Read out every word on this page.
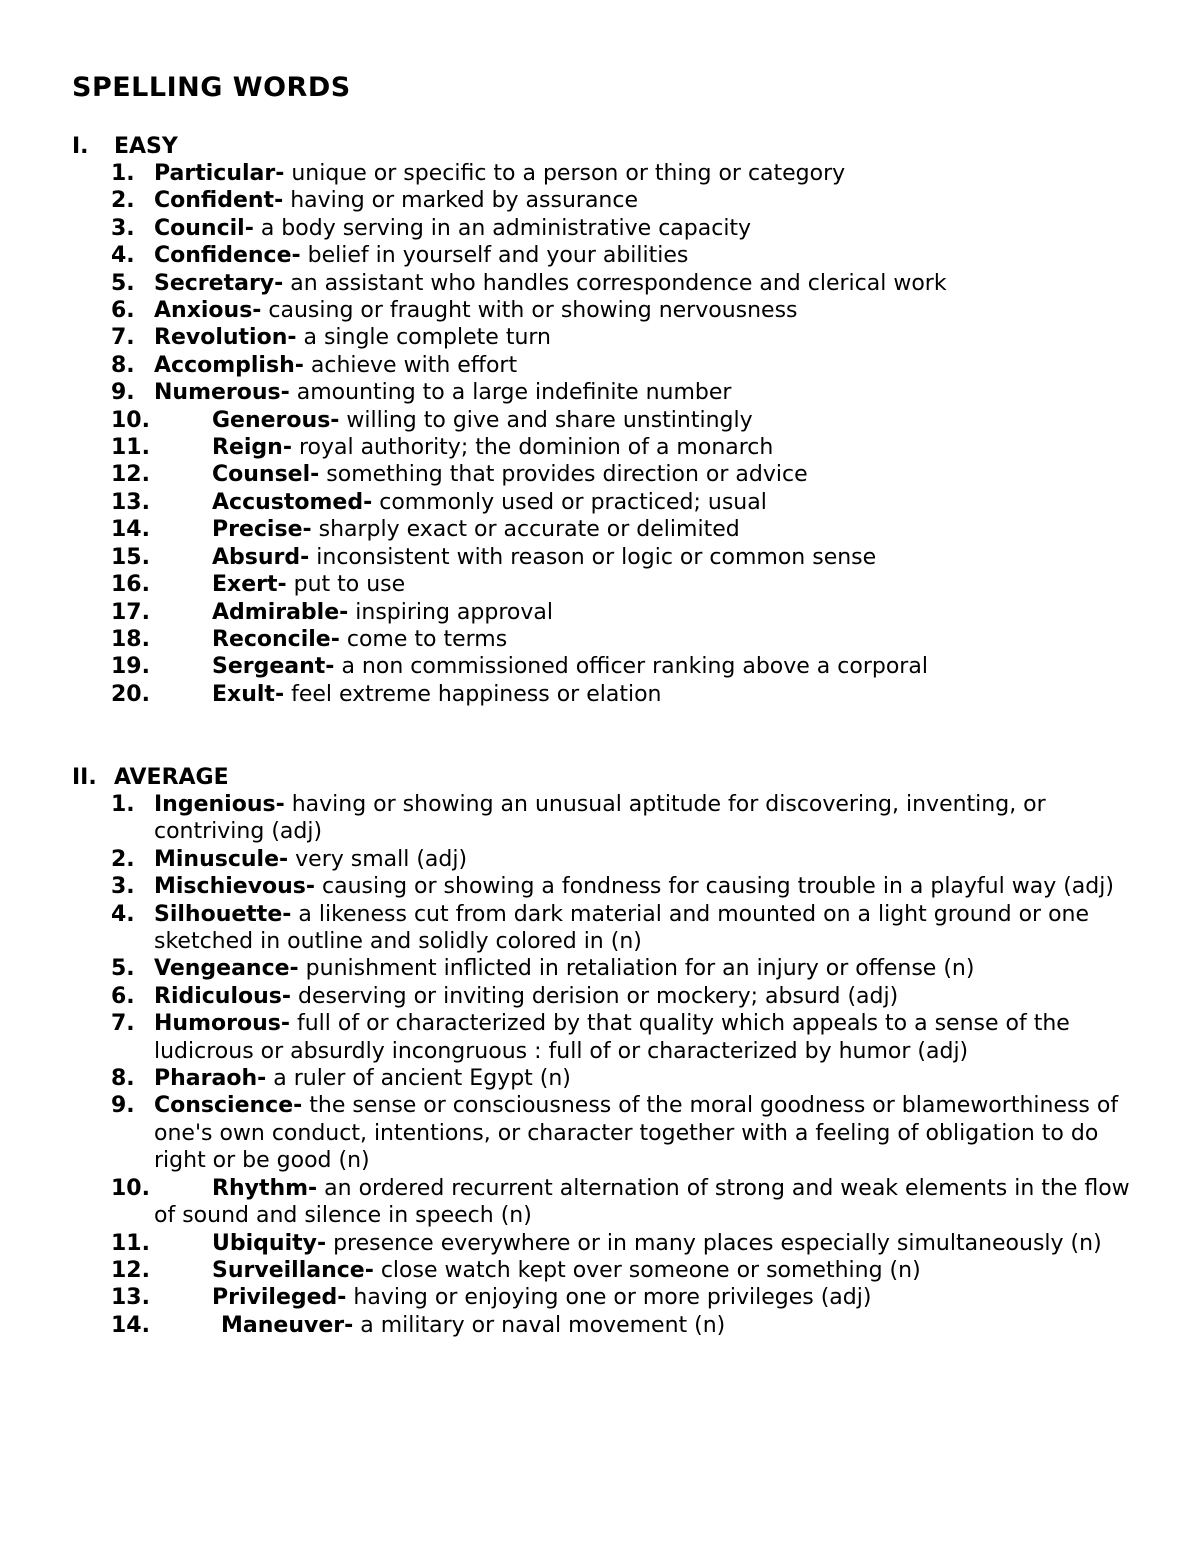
SPELLING WORDS
I. EASY
1. Particular- unique or specific to a person or thing or category
2. Confident- having or marked by assurance
3. Council- a body serving in an administrative capacity
4. Confidence- belief in yourself and your abilities
5. Secretary- an assistant who handles correspondence and clerical work
6. Anxious- causing or fraught with or showing nervousness
7. Revolution- a single complete turn
8. Accomplish- achieve with effort
9. Numerous- amounting to a large indefinite number
10.	Generous- willing to give and share unstintingly
11.	Reign- royal authority; the dominion of a monarch
12.	Counsel- something that provides direction or advice
13.	Accustomed- commonly used or practiced; usual
14.	Precise- sharply exact or accurate or delimited
15.	Absurd- inconsistent with reason or logic or common sense
16.	Exert- put to use
17.	Admirable- inspiring approval
18.	Reconcile- come to terms
19.	Sergeant- a non commissioned officer ranking above a corporal
20.	Exult- feel extreme happiness or elation
II. AVERAGE
1. Ingenious- having or showing an unusual aptitude for discovering, inventing, or contriving (adj)
2. Minuscule- very small (adj)
3. Mischievous- causing or showing a fondness for causing trouble in a playful way (adj)
4. Silhouette- a likeness cut from dark material and mounted on a light ground or one sketched in outline and solidly colored in (n)
5. Vengeance- punishment inflicted in retaliation for an injury or offense (n)
6. Ridiculous- deserving or inviting derision or mockery; absurd (adj)
7. Humorous- full of or characterized by that quality which appeals to a sense of the ludicrous or absurdly incongruous : full of or characterized by humor (adj)
8. Pharaoh- a ruler of ancient Egypt (n)
9. Conscience- the sense or consciousness of the moral goodness or blameworthiness of one's own conduct, intentions, or character together with a feeling of obligation to do right or be good (n)
10.	Rhythm- an ordered recurrent alternation of strong and weak elements in the flow of sound and silence in speech (n)
11.	Ubiquity- presence everywhere or in many places especially simultaneously (n)
12.	Surveillance- close watch kept over someone or something (n)
13.	Privileged- having or enjoying one or more privileges (adj)
14.	Maneuver- a military or naval movement (n)
